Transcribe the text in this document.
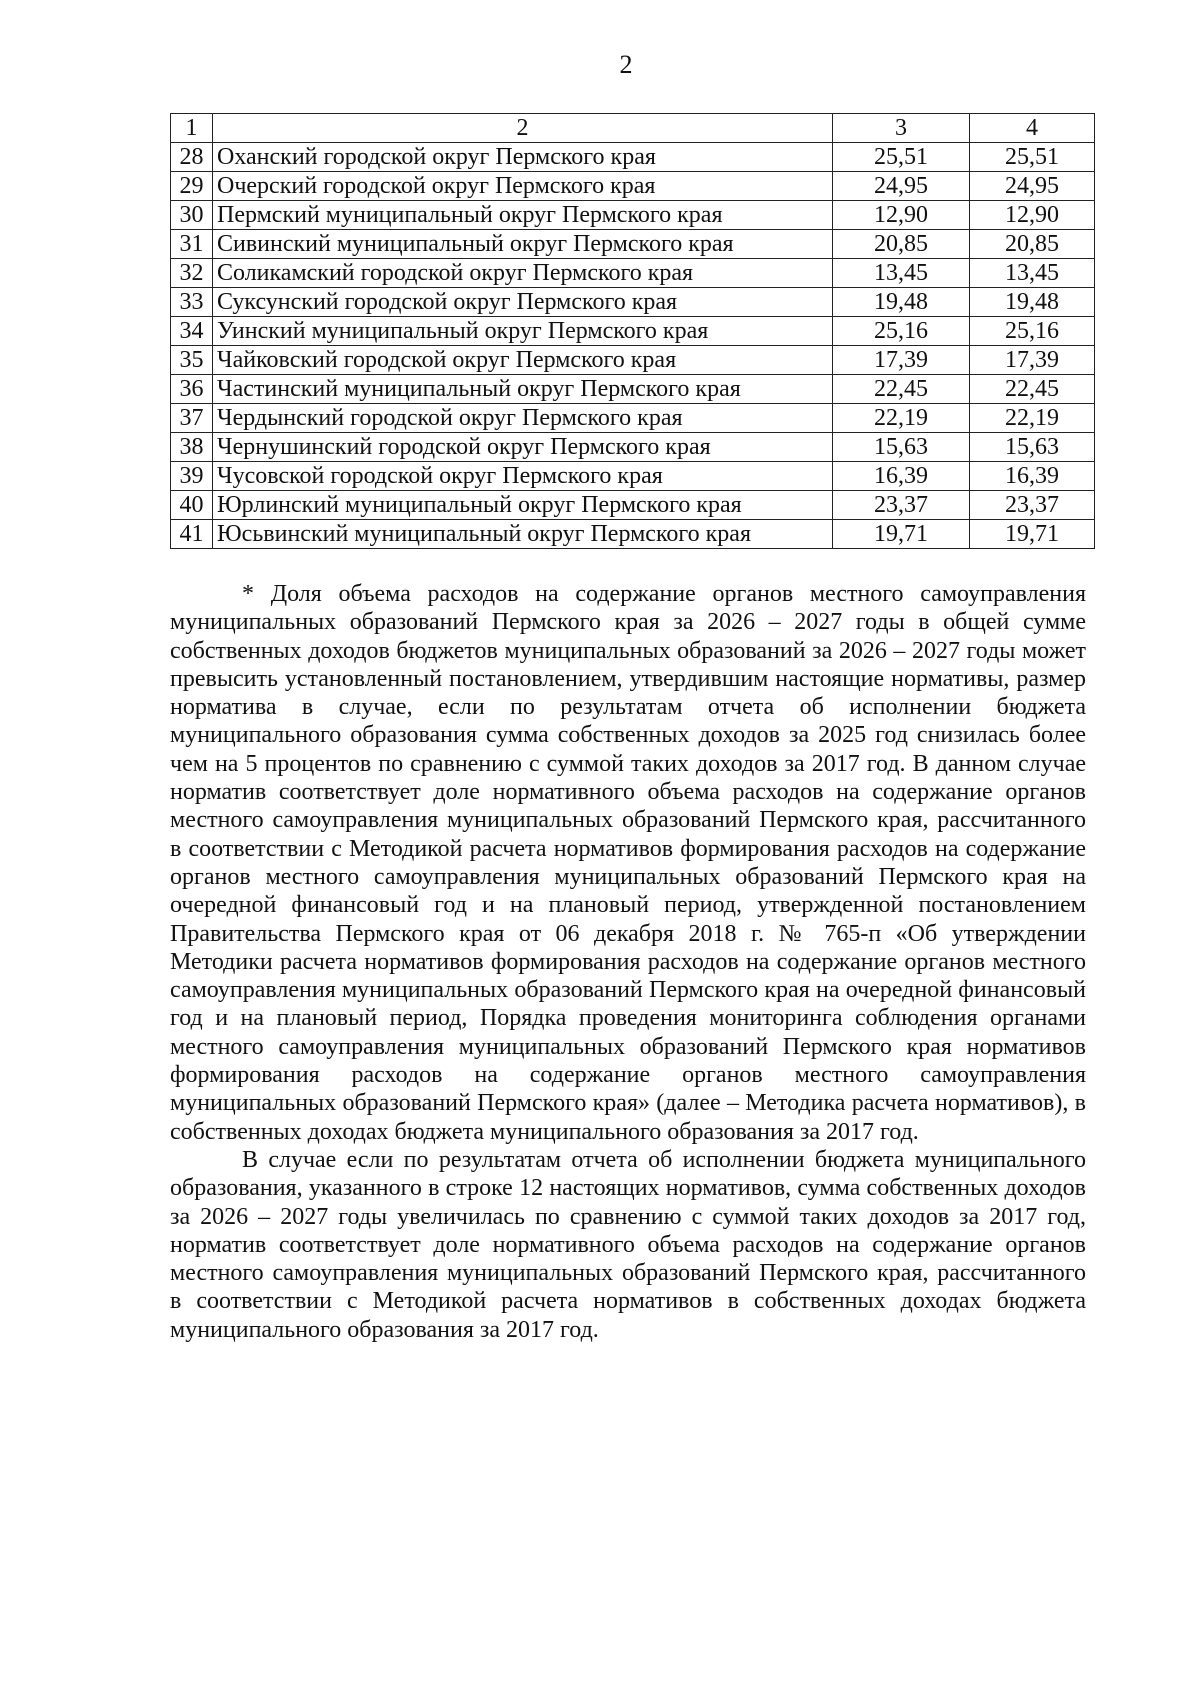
2
1	2	3	4
28	Оханский городской округ Пермского края	25,51	25,51
29	Очерский городской округ Пермского края	24,95	24,95
30	Пермский муниципальный округ Пермского края	12,90	12,90
31	Сивинский муниципальный округ Пермского края	20,85	20,85
32	Соликамский городской округ Пермского края	13,45	13,45
33	Суксунский городской округ Пермского края	19,48	19,48
34	Уинский муниципальный округ Пермского края	25,16	25,16
35	Чайковский городской округ Пермского края	17,39	17,39
36	Частинский муниципальный округ Пермского края	22,45	22,45
37	Чердынский городской округ Пермского края	22,19	22,19
38	Чернушинский городской округ Пермского края	15,63	15,63
39	Чусовской городской округ Пермского края	16,39	16,39
40	Юрлинский муниципальный округ Пермского края	23,37	23,37
41	Юсьвинский муниципальный округ Пермского края	19,71	19,71

* Доля объема расходов на содержание органов местного самоуправления муниципальных образований Пермского края за 2026 – 2027 годы в общей сумме собственных доходов бюджетов муниципальных образований за 2026 – 2027 годы может превысить установленный постановлением, утвердившим настоящие нормативы, размер норматива в случае, если по результатам отчета об исполнении бюджета муниципального образования сумма собственных доходов за 2025 год снизилась более чем на 5 процентов по сравнению с суммой таких доходов за 2017 год. В данном случае норматив соответствует доле нормативного объема расходов на содержание органов местного самоуправления муниципальных образований Пермского края, рассчитанного в соответствии с Методикой расчета нормативов формирования расходов на содержание органов местного самоуправления муниципальных образований Пермского края на очередной финансовый год и на плановый период, утвержденной постановлением Правительства Пермского края от 06 декабря 2018 г. № 765-п «Об утверждении Методики расчета нормативов формирования расходов на содержание органов местного самоуправления муниципальных образований Пермского края на очередной финансовый год и на плановый период, Порядка проведения мониторинга соблюдения органами местного самоуправления муниципальных образований Пермского края нормативов формирования расходов на содержание органов местного самоуправления муниципальных образований Пермского края» (далее – Методика расчета нормативов), в собственных доходах бюджета муниципального образования за 2017 год.

В случае если по результатам отчета об исполнении бюджета муниципального образования, указанного в строке 12 настоящих нормативов, сумма собственных доходов за 2026 – 2027 годы увеличилась по сравнению с суммой таких доходов за 2017 год, норматив соответствует доле нормативного объема расходов на содержание органов местного самоуправления муниципальных образований Пермского края, рассчитанного в соответствии с Методикой расчета нормативов в собственных доходах бюджета муниципального образования за 2017 год.
